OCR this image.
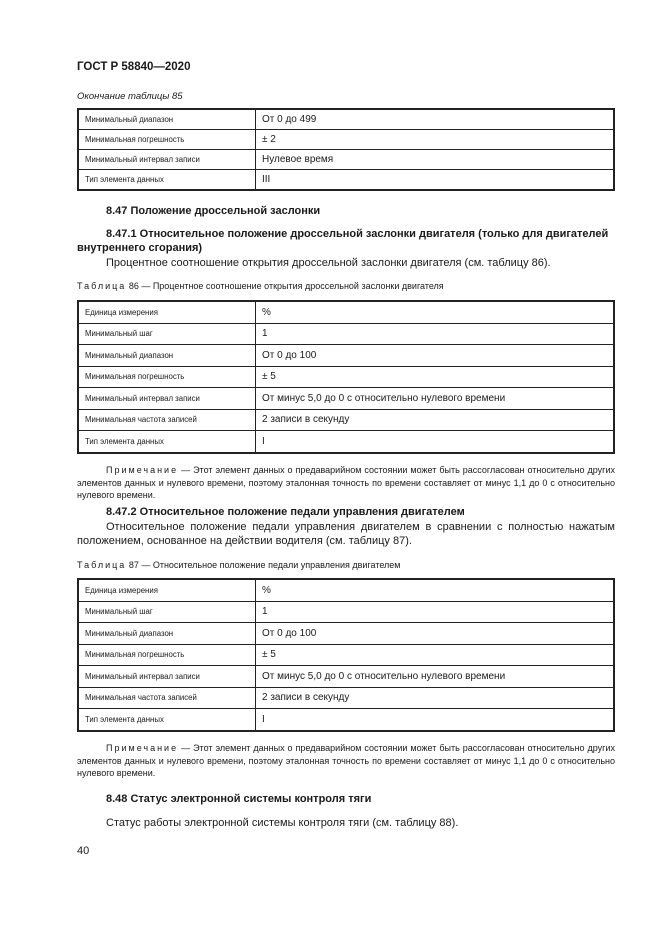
ГОСТ Р 58840—2020
Окончание таблицы 85
Минимальный диапазон	От 0 до 499
Минимальная погрешность	± 2
Минимальный интервал записи	Нулевое время
Тип элемента данных	III
8.47 Положение дроссельной заслонки
8.47.1 Относительное положение дроссельной заслонки двигателя (только для двигателей внутреннего сгорания)
Процентное соотношение открытия дроссельной заслонки двигателя (см. таблицу 86).
Таблица 86 — Процентное соотношение открытия дроссельной заслонки двигателя
Единица измерения	%
Минимальный шаг	1
Минимальный диапазон	От 0 до 100
Минимальная погрешность	± 5
Минимальный интервал записи	От минус 5,0 до 0 с относительно нулевого времени
Минимальная частота записей	2 записи в секунду
Тип элемента данных	I
Примечание — Этот элемент данных о предаварийном состоянии может быть рассогласован относительно других элементов данных и нулевого времени, поэтому эталонная точность по времени составляет от минус 1,1 до 0 с относительно нулевого времени.
8.47.2 Относительное положение педали управления двигателем
Относительное положение педали управления двигателем в сравнении с полностью нажатым положением, основанное на действии водителя (см. таблицу 87).
Таблица 87 — Относительное положение педали управления двигателем
Единица измерения	%
Минимальный шаг	1
Минимальный диапазон	От 0 до 100
Минимальная погрешность	± 5
Минимальный интервал записи	От минус 5,0 до 0 с относительно нулевого времени
Минимальная частота записей	2 записи в секунду
Тип элемента данных	I
Примечание — Этот элемент данных о предаварийном состоянии может быть рассогласован относительно других элементов данных и нулевого времени, поэтому эталонная точность по времени составляет от минус 1,1 до 0 с относительно нулевого времени.
8.48 Статус электронной системы контроля тяги
Статус работы электронной системы контроля тяги (см. таблицу 88).
40
